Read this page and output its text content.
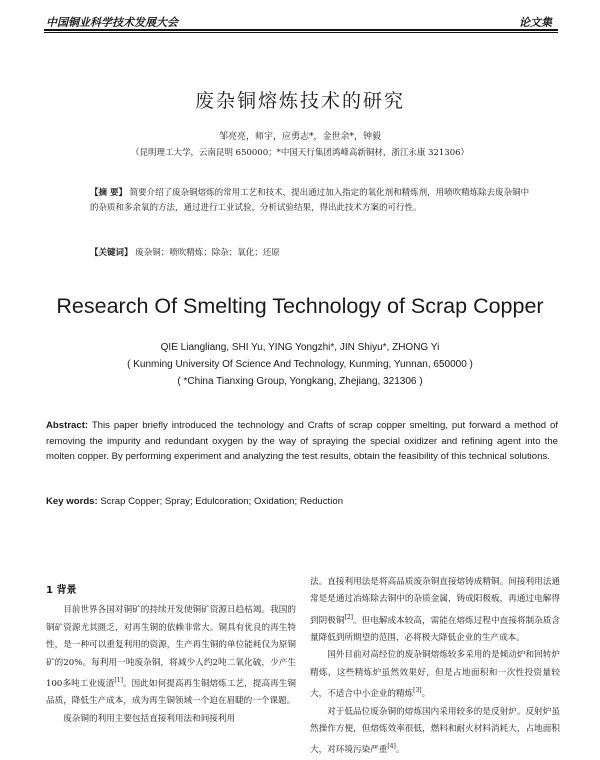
中国铜业科学技术发展大会	论文集
废杂铜熔炼技术的研究
邹亮亮，师宇，应勇志*，金世余*，钟毅
（昆明理工大学，云南昆明 650000；*中国天行集团鸿峰高新铜材，浙江永康 321306）
【摘 要】 简要介绍了废杂铜熔炼的常用工艺和技术，提出通过加入指定的氧化剂和精炼剂，用喷吹精炼除去废杂铜中的杂质和多余氧的方法，通过进行工业试验，分析试验结果，得出此技术方案的可行性。
【关键词】 废杂铜；喷吹精炼；除杂；氧化；还原
Research Of Smelting Technology of Scrap Copper
QIE Liangliang, SHI Yu, YING Yongzhi*, JIN Shiyu*, ZHONG Yi
( Kunming University Of Science And Technology, Kunming, Yunnan, 650000 )
( *China Tianxing Group, Yongkang, Zhejiang, 321306 )
Abstract: This paper briefly introduced the technology and Crafts of scrap copper smelting, put forward a method of removing the impurity and redundant oxygen by the way of spraying the special oxidizer and refining agent into the molten copper. By performing experiment and analyzing the test results, obtain the feasibility of this technical solutions.
Key words: Scrap Copper; Spray; Edulcoration; Oxidation; Reduction
1 背景

目前世界各国对铜矿的持续开发使铜矿资源日趋枯竭。我国的铜矿资源尤其匮乏，对再生铜的依赖非常大。铜具有优良的再生特性，是一种可以重复利用的资源，生产再生铜的单位能耗仅为原铜矿的20%。每利用一吨废杂铜，将减少人约2吨二氧化硫，少产生100多吨工业废渣[1]。因此如何提高再生铜熔炼工艺，提高再生铜品质，降低生产成本，成为再生铜领域一个迫在眉睫的一个课题。

废杂铜的利用主要包括直接利用法和间接利用

法。直接利用法是将高品质废杂铜直接熔铸成精铜。间接利用法通常是是通过冶炼除去铜中的杂质金属，铸成阳极板，再通过电解得到阴极铜[2]。但电解成本较高，需能在熔炼过程中直接将制杂质含量降低到所期望的范围，必将极大降低企业的生产成本。

国外目前对高经位的废杂铜熔炼较多采用的是倾动炉和回转炉精炼，这些精炼炉虽然效果好，但是占地面积和一次性投资量较大，不适合中小企业的精炼[3]。

对于低品位废杂铜的熔炼国内采用较多的是反射炉。反射炉虽然操作方便，但熔炼效率很低，燃料和耐火材料消耗大，占地面积大，对环境污染严重[4]。
